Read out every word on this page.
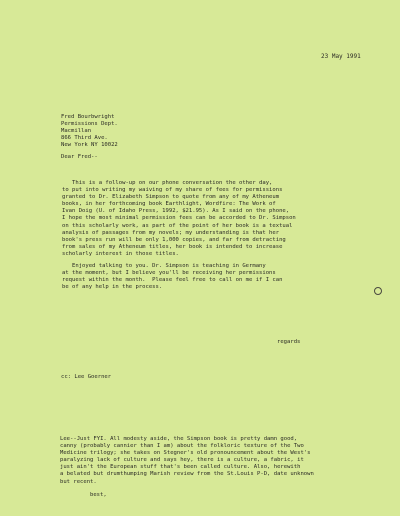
23 May 1991
Fred Bourbwright
Permissions Dept.
Macmillan
866 Third Ave.
New York NY 10022
Dear Fred--
This is a follow-up on our phone conversation the other day,
to put into writing my waiving of my share of fees for permissions
granted to Dr. Elizabeth Simpson to quote from any of my Atheneum
books, in her forthcoming book Earthlight, Wordfire: The Work of
Ivan Doig (U. of Idaho Press, 1992, $21.95). As I said on the phone,
I hope the most minimal permission fees can be accorded to Dr. Simpson
on this scholarly work, as part of the point of her book is a textual
analysis of passages from my novels; my understanding is that her
book's press run will be only 1,000 copies, and far from detracting
from sales of my Atheneum titles, her book is intended to increase
scholarly interest in those titles.
Enjoyed talking to you. Dr. Simpson is teaching in Germany
at the moment, but I believe you'll be receiving her permissions
request within the month.  Please feel free to call on me if I can
be of any help in the process.
regards
cc: Lee Goerner
Lee--Just FYI. All modesty aside, the Simpson book is pretty damn good,
canny (probably cannier than I am) about the folkloric texture of the Two
Medicine trilogy; she takes on Stegner's old pronouncement about the West's
paralyzing lack of culture and says hey, there is a culture, a fabric, it
just ain't the European stuff that's been called culture. Also, herewith
a belated but drumthumping Marish review from the St.Louis P-D, date unknown
but recent.
best,
